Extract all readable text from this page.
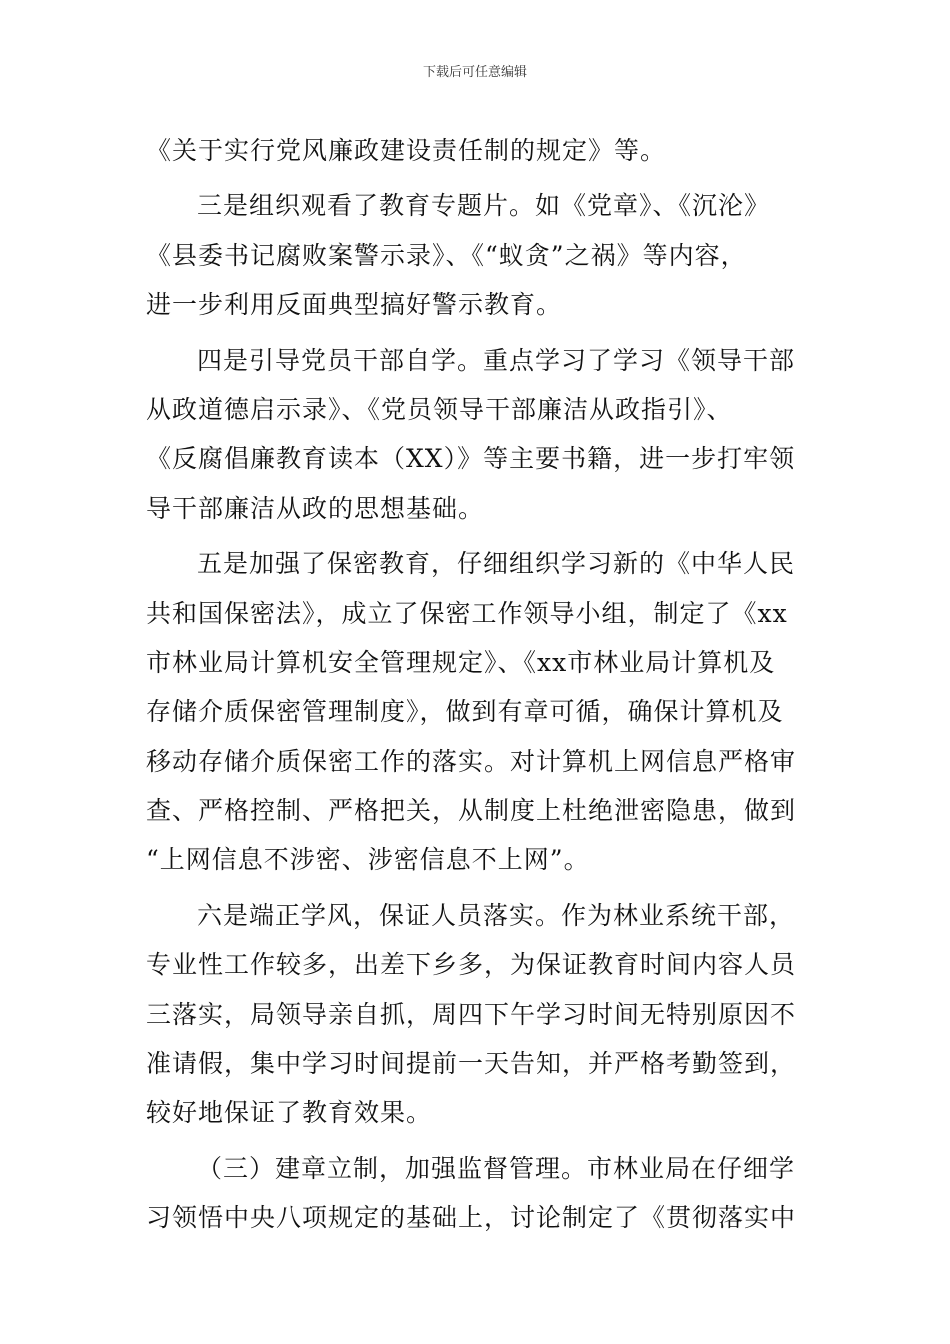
下载后可任意编辑
《关于实行党风廉政建设责任制的规定》等。
三是组织观看了教育专题片。如《党章》、《沉沦》
《县委书记腐败案警示录》、《“蚁贪”之祸》等内容，
进一步利用反面典型搞好警示教育。
四是引导党员干部自学。重点学习了学习《领导干部
从政道德启示录》、《党员领导干部廉洁从政指引》、
《反腐倡廉教育读本（XX）》等主要书籍，进一步打牢领
导干部廉洁从政的思想基础。
五是加强了保密教育，仔细组织学习新的《中华人民
共和国保密法》，成立了保密工作领导小组，制定了《xx
市林业局计算机安全管理规定》、《xx市林业局计算机及
存储介质保密管理制度》，做到有章可循，确保计算机及
移动存储介质保密工作的落实。对计算机上网信息严格审
查、严格控制、严格把关，从制度上杜绝泄密隐患，做到
“上网信息不涉密、涉密信息不上网”。
六是端正学风，保证人员落实。作为林业系统干部，
专业性工作较多，出差下乡多，为保证教育时间内容人员
三落实，局领导亲自抓，周四下午学习时间无特别原因不
准请假，集中学习时间提前一天告知，并严格考勤签到，
较好地保证了教育效果。
（三）建章立制，加强监督管理。市林业局在仔细学
习领悟中央八项规定的基础上，讨论制定了《贯彻落实中
